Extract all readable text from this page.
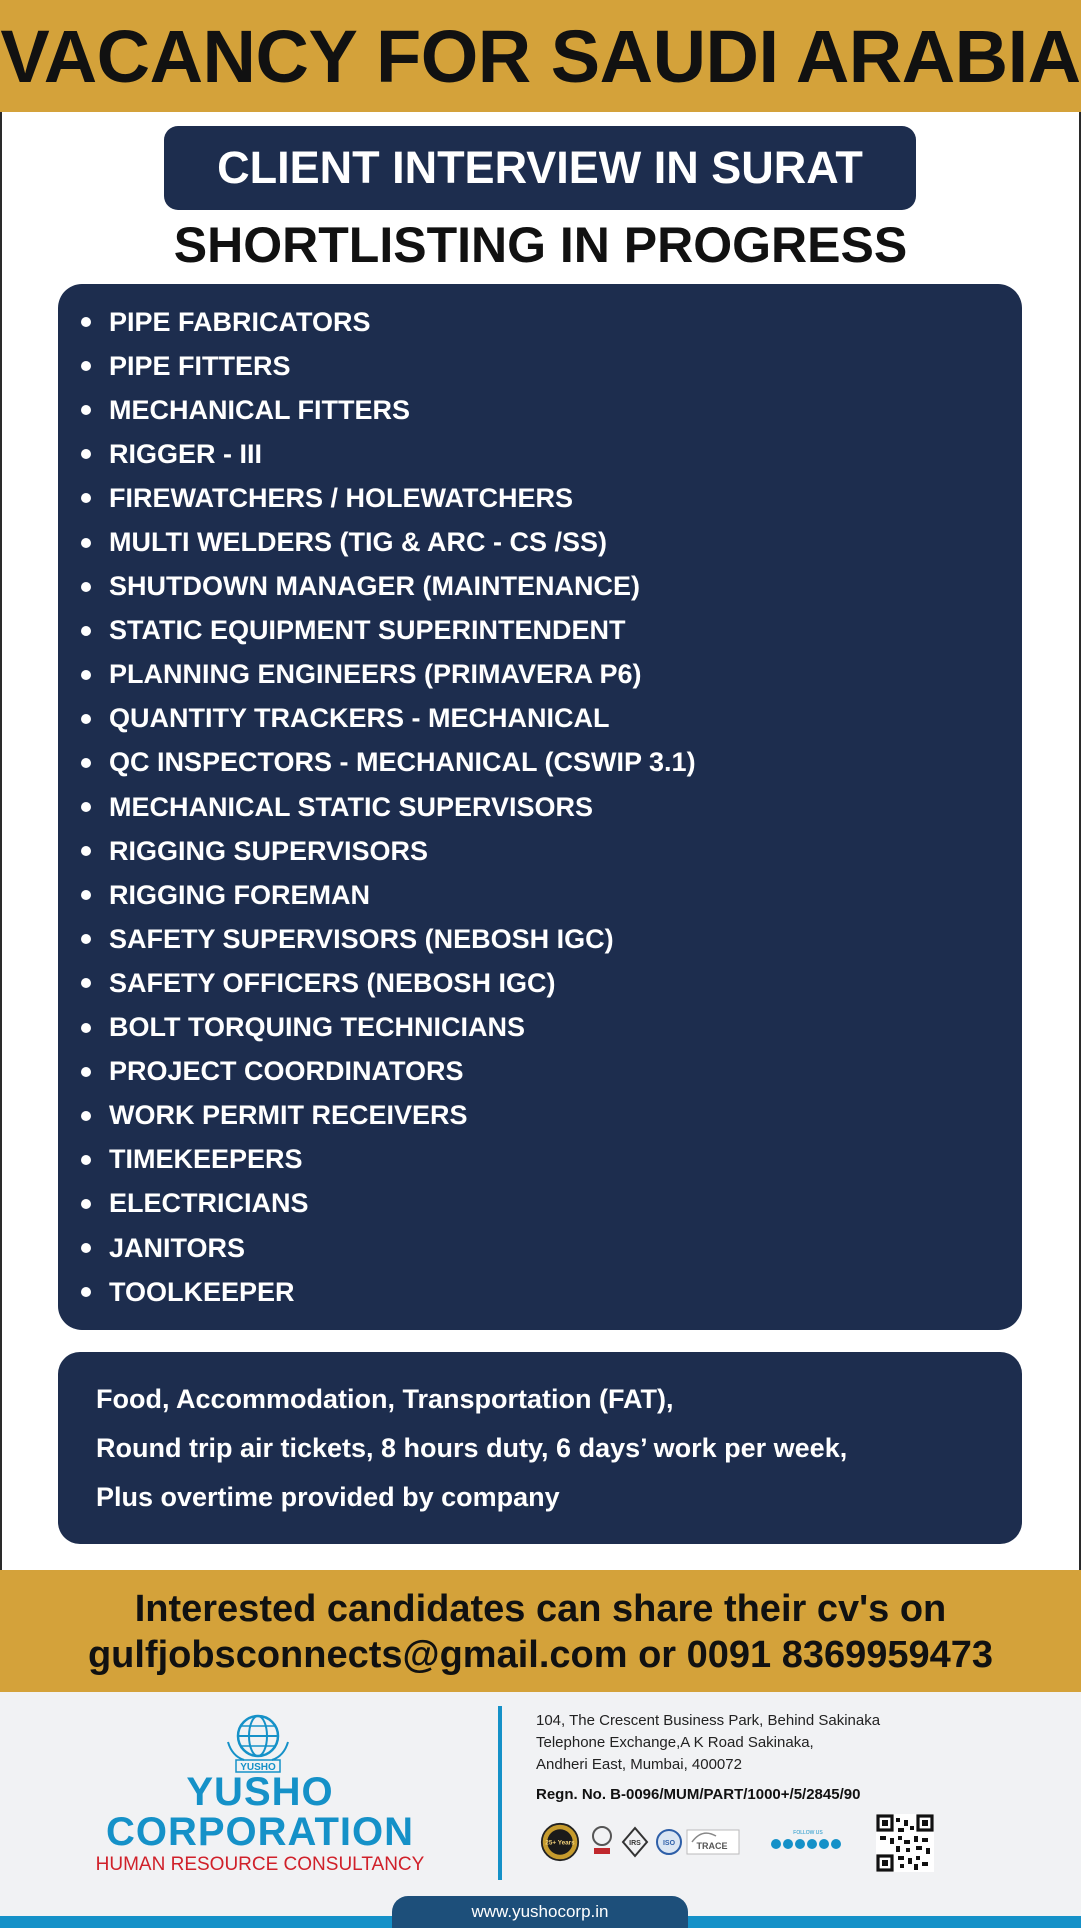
VACANCY FOR SAUDI ARABIA
CLIENT INTERVIEW IN SURAT
SHORTLISTING IN PROGRESS
PIPE FABRICATORS
PIPE FITTERS
MECHANICAL FITTERS
RIGGER - III
FIREWATCHERS / HOLEWATCHERS
MULTI WELDERS (TIG & ARC - CS /SS)
SHUTDOWN MANAGER (MAINTENANCE)
STATIC EQUIPMENT SUPERINTENDENT
PLANNING ENGINEERS (PRIMAVERA P6)
QUANTITY TRACKERS - MECHANICAL
QC INSPECTORS - MECHANICAL (CSWIP 3.1)
MECHANICAL STATIC SUPERVISORS
RIGGING SUPERVISORS
RIGGING FOREMAN
SAFETY SUPERVISORS (NEBOSH IGC)
SAFETY OFFICERS (NEBOSH IGC)
BOLT TORQUING TECHNICIANS
PROJECT COORDINATORS
WORK PERMIT RECEIVERS
TIMEKEEPERS
ELECTRICIANS
JANITORS
TOOLKEEPER

Food, Accommodation, Transportation (FAT),

Round trip air tickets, 8 hours duty, 6 days’ work per week,

Plus overtime provided by company

Interested candidates can share their cv's on
gulfjobsconnects@gmail.com or 0091 8369959473
YUSHO
YUSHO
CORPORATION
HUMAN RESOURCE CONSULTANCY
104, The Crescent Business Park, Behind Sakinaka
Telephone Exchange,A K Road Sakinaka,
Andheri East, Mumbai, 400072
Regn. No. B-0096/MUM/PART/1000+/5/2845/90
25+ Years	IRS	ISO TRACE
FOLLOW US
www.yushocorp.in
